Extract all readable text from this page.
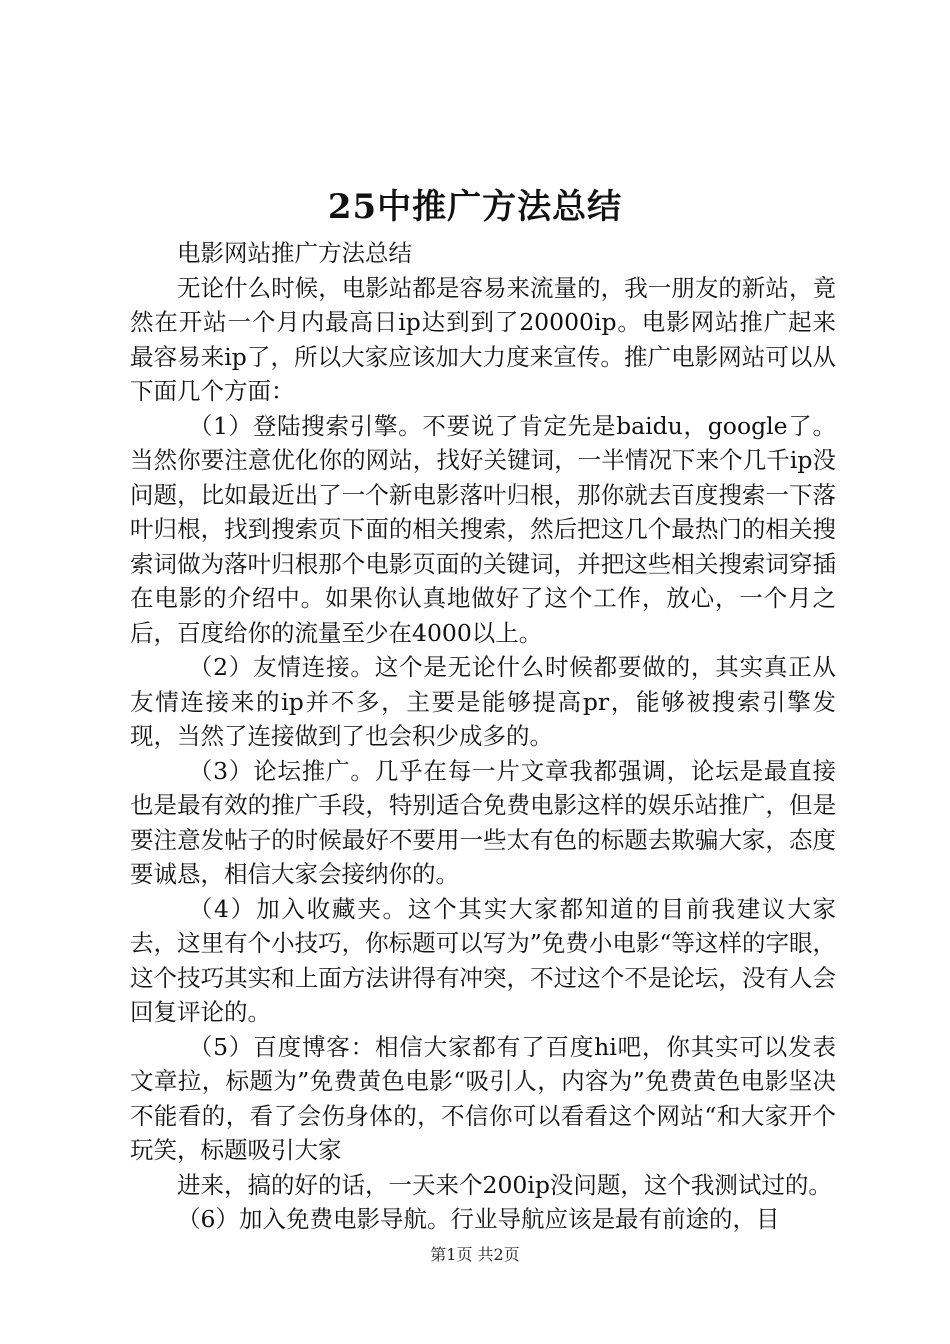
25中推广方法总结

电影网站推广方法总结

无论什么时候，电影站都是容易来流量的，我一朋友的新站，竟然在开站一个月内最高日ip达到到了20000ip。电影网站推广起来最容易来ip了，所以大家应该加大力度来宣传。推广电影网站可以从下面几个方面：

（1）登陆搜索引擎。不要说了肯定先是baidu，google了。当然你要注意优化你的网站，找好关键词，一半情况下来个几千ip没问题，比如最近出了一个新电影落叶归根，那你就去百度搜索一下落叶归根，找到搜索页下面的相关搜索，然后把这几个最热门的相关搜索词做为落叶归根那个电影页面的关键词，并把这些相关搜索词穿插在电影的介绍中。如果你认真地做好了这个工作，放心，一个月之后，百度给你的流量至少在4000以上。

（2）友情连接。这个是无论什么时候都要做的，其实真正从友情连接来的ip并不多，主要是能够提高pr，能够被搜索引擎发现，当然了连接做到了也会积少成多的。

（3）论坛推广。几乎在每一片文章我都强调，论坛是最直接也是最有效的推广手段，特别适合免费电影这样的娱乐站推广，但是要注意发帖子的时候最好不要用一些太有色的标题去欺骗大家，态度要诚恳，相信大家会接纳你的。

（4）加入收藏夹。这个其实大家都知道的目前我建议大家去，这里有个小技巧，你标题可以写为”免费小电影“等这样的字眼，这个技巧其实和上面方法讲得有冲突，不过这个不是论坛，没有人会回复评论的。

（5）百度博客：相信大家都有了百度hi吧，你其实可以发表文章拉，标题为”免费黄色电影“吸引人，内容为”免费黄色电影坚决不能看的，看了会伤身体的，不信你可以看看这个网站“和大家开个玩笑，标题吸引大家

进来，搞的好的话，一天来个200ip没问题，这个我测试过的。

（6）加入免费电影导航。行业导航应该是最有前途的，目

第1页 共2页
